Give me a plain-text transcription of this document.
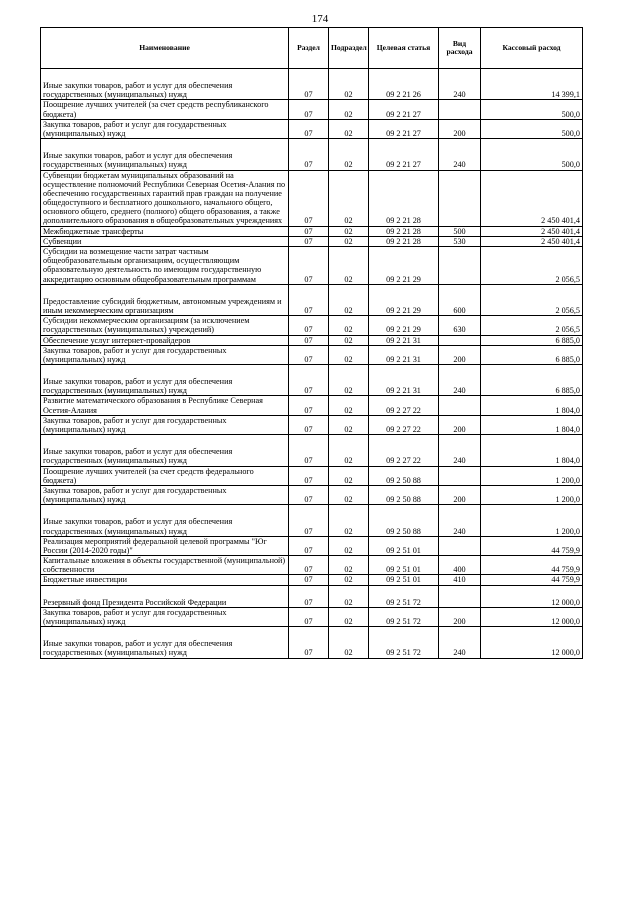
174
Наименование	Раздел	Подраздел	Целевая статья	Вид расхода	Кассовый расход

Иные закупки товаров, работ и услуг для обеспечения государственных (муниципальных) нужд	07	02	09 2 21 26	240	14 399,1
Поощрение лучших учителей (за счет средств республиканского бюджета)	07	02	09 2 21 27		500,0
Закупка товаров, работ и услуг для государственных (муниципальных) нужд	07	02	09 2 21 27	200	500,0

Иные закупки товаров, работ и услуг для обеспечения государственных (муниципальных) нужд	07	02	09 2 21 27	240	500,0
Субвенции бюджетам муниципальных образований на осуществление полномочий Республики Северная Осетия-Алания по обеспечению государственных гарантий прав граждан на получение общедоступного и бесплатного дошкольного, начального общего, основного общего, среднего (полного) общего образования, а также дополнительного образования в общеобразовательных учреждениях	07	02	09 2 21 28		2 450 401,4
Межбюджетные трансферты	07	02	09 2 21 28	500	2 450 401,4
Субвенции	07	02	09 2 21 28	530	2 450 401,4
Субсидии на возмещение части затрат частным общеобразовательным организациям, осуществляющим образовательную деятельность по имеющим государственную аккредитацию основным общеобразовательным программам	07	02	09 2 21 29		2 056,5

Предоставление субсидий бюджетным, автономным учреждениям и иным некоммерческим организациям	07	02	09 2 21 29	600	2 056,5
Субсидии некоммерческим организациям (за исключением государственных (муниципальных) учреждений)	07	02	09 2 21 29	630	2 056,5
Обеспечение услуг интернет-провайдеров	07	02	09 2 21 31		6 885,0
Закупка товаров, работ и услуг для государственных (муниципальных) нужд	07	02	09 2 21 31	200	6 885,0

Иные закупки товаров, работ и услуг для обеспечения государственных (муниципальных) нужд	07	02	09 2 21 31	240	6 885,0
Развитие математического образования в Республике Северная Осетия-Алания	07	02	09 2 27 22		1 804,0
Закупка товаров, работ и услуг для государственных (муниципальных) нужд	07	02	09 2 27 22	200	1 804,0

Иные закупки товаров, работ и услуг для обеспечения государственных (муниципальных) нужд	07	02	09 2 27 22	240	1 804,0
Поощрение лучших учителей (за счет средств федерального бюджета)	07	02	09 2 50 88		1 200,0
Закупка товаров, работ и услуг для государственных (муниципальных) нужд	07	02	09 2 50 88	200	1 200,0

Иные закупки товаров, работ и услуг для обеспечения государственных (муниципальных) нужд	07	02	09 2 50 88	240	1 200,0
Реализация мероприятий федеральной целевой программы "Юг России (2014-2020 годы)"	07	02	09 2 51 01		44 759,9
Капитальные вложения в объекты государственной (муниципальной) собственности	07	02	09 2 51 01	400	44 759,9
Бюджетные инвестиции	07	02	09 2 51 01	410	44 759,9

Резервный фонд Президента Российской Федерации	07	02	09 2 51 72		12 000,0
Закупка товаров, работ и услуг для государственных (муниципальных) нужд	07	02	09 2 51 72	200	12 000,0

Иные закупки товаров, работ и услуг для обеспечения государственных (муниципальных) нужд	07	02	09 2 51 72	240	12 000,0
